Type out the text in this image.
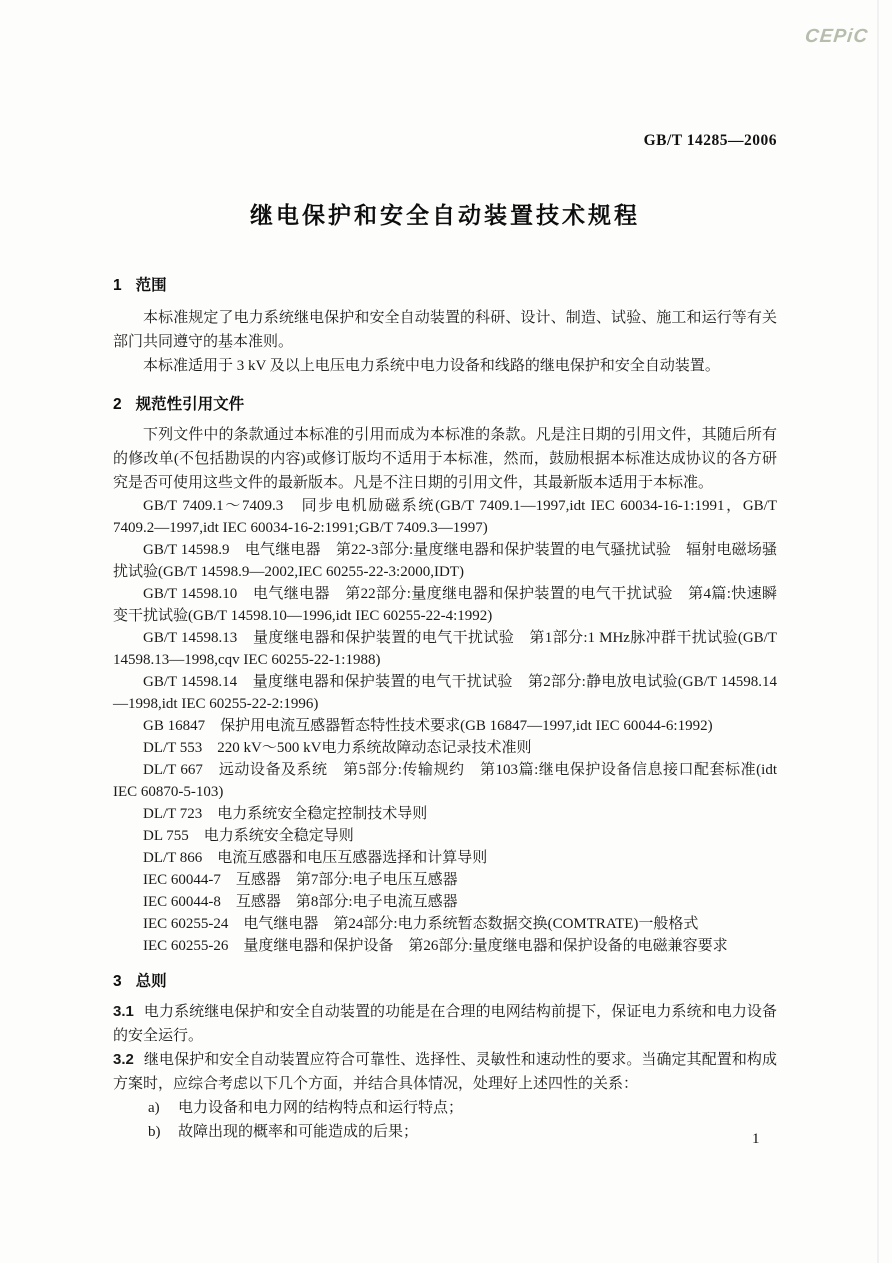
CEPiC
GB/T 14285—2006
继电保护和安全自动装置技术规程
1 范围

本标准规定了电力系统继电保护和安全自动装置的科研、设计、制造、试验、施工和运行等有关部门共同遵守的基本准则。

本标准适用于 3 kV 及以上电压电力系统中电力设备和线路的继电保护和安全自动装置。

2 规范性引用文件

下列文件中的条款通过本标准的引用而成为本标准的条款。凡是注日期的引用文件，其随后所有的修改单(不包括勘误的内容)或修订版均不适用于本标准，然而，鼓励根据本标准达成协议的各方研究是否可使用这些文件的最新版本。凡是不注日期的引用文件，其最新版本适用于本标准。

GB/T 7409.1～7409.3　同步电机励磁系统(GB/T 7409.1—1997,idt IEC 60034-16-1:1991，GB/T 7409.2—1997,idt IEC 60034-16-2:1991;GB/T 7409.3—1997)

GB/T 14598.9　电气继电器　第22-3部分:量度继电器和保护装置的电气骚扰试验　辐射电磁场骚扰试验(GB/T 14598.9—2002,IEC 60255-22-3:2000,IDT)

GB/T 14598.10　电气继电器　第22部分:量度继电器和保护装置的电气干扰试验　第4篇:快速瞬变干扰试验(GB/T 14598.10—1996,idt IEC 60255-22-4:1992)

GB/T 14598.13　量度继电器和保护装置的电气干扰试验　第1部分:1 MHz脉冲群干扰试验(GB/T 14598.13—1998,cqv IEC 60255-22-1:1988)

GB/T 14598.14　量度继电器和保护装置的电气干扰试验　第2部分:静电放电试验(GB/T 14598.14—1998,idt IEC 60255-22-2:1996)

GB 16847　保护用电流互感器暂态特性技术要求(GB 16847—1997,idt IEC 60044-6:1992)

DL/T 553　220 kV～500 kV电力系统故障动态记录技术准则

DL/T 667　远动设备及系统　第5部分:传输规约　第103篇:继电保护设备信息接口配套标准(idt IEC 60870-5-103)

DL/T 723　电力系统安全稳定控制技术导则

DL 755　电力系统安全稳定导则

DL/T 866　电流互感器和电压互感器选择和计算导则

IEC 60044-7　互感器　第7部分:电子电压互感器

IEC 60044-8　互感器　第8部分:电子电流互感器

IEC 60255-24　电气继电器　第24部分:电力系统暂态数据交换(COMTRATE)一般格式

IEC 60255-26　量度继电器和保护设备　第26部分:量度继电器和保护设备的电磁兼容要求

3 总则

3.1 电力系统继电保护和安全自动装置的功能是在合理的电网结构前提下，保证电力系统和电力设备的安全运行。

3.2 继电保护和安全自动装置应符合可靠性、选择性、灵敏性和速动性的要求。当确定其配置和构成方案时，应综合考虑以下几个方面，并结合具体情况，处理好上述四性的关系：

a) 电力设备和电力网的结构特点和运行特点；

b) 故障出现的概率和可能造成的后果；	1
